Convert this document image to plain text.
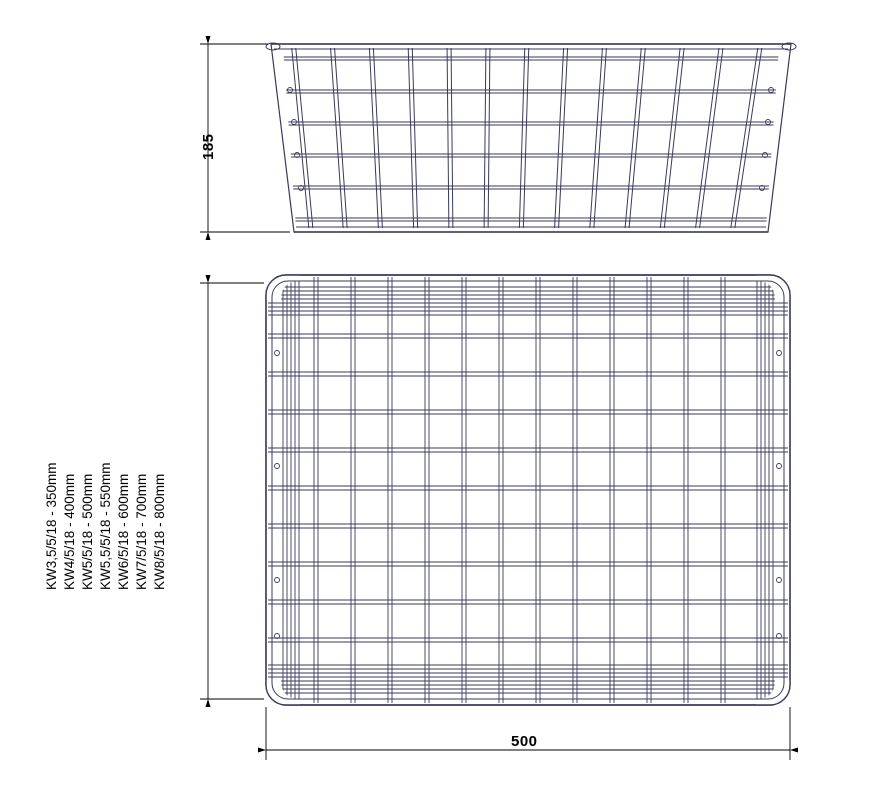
185
500
KW3,5/5/18 - 350mm KW4/5/18 - 400mm KW5/5/18 - 500mm KW5,5/5/18 - 550mm KW6/5/18 - 600mm KW7/5/18 - 700mm KW8/5/18 - 800mm
